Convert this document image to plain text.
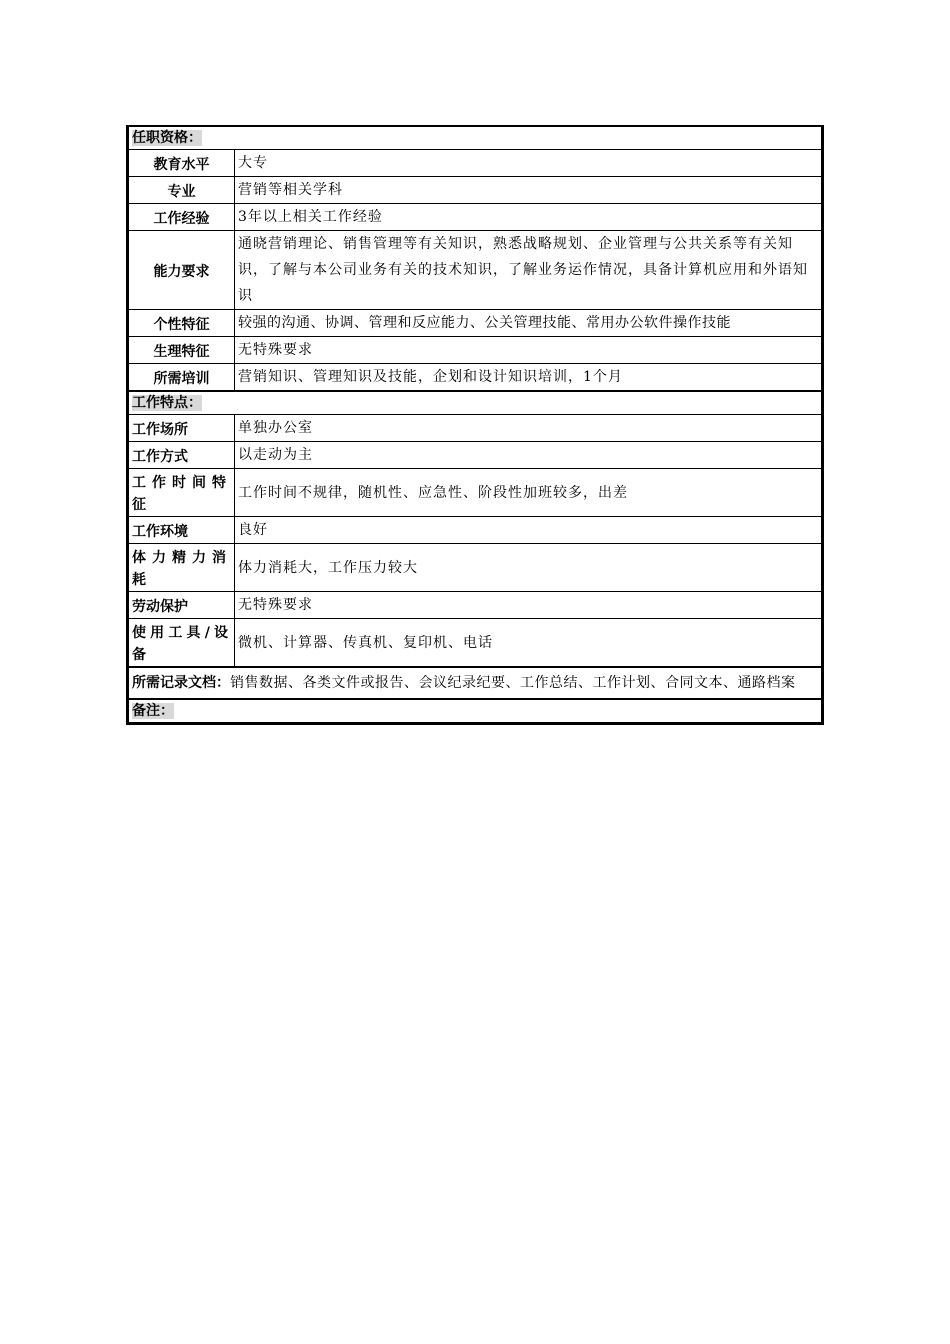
任职资格：	
教育水平	大专
专业	营销等相关学科
工作经验	3年以上相关工作经验
能力要求	通晓营销理论、销售管理等有关知识，熟悉战略规划、企业管理与公共关系等有关知识，了解与本公司业务有关的技术知识，了解业务运作情况，具备计算机应用和外语知识
个性特征	较强的沟通、协调、管理和反应能力、公关管理技能、常用办公软件操作技能
生理特征	无特殊要求
所需培训	营销知识、管理知识及技能，企划和设计知识培训，1个月
工作特点：	
工作场所	单独办公室
工作方式	以走动为主
工作时间特征	工作时间不规律，随机性、应急性、阶段性加班较多，出差
工作环境	良好
体力精力消耗	体力消耗大，工作压力较大
劳动保护	无特殊要求
使用工具/设备	微机、计算器、传真机、复印机、电话

所需记录文档： 销售数据、各类文件或报告、会议纪录纪要、工作总结、工作计划、合同文本、通路档案	

备注：	
